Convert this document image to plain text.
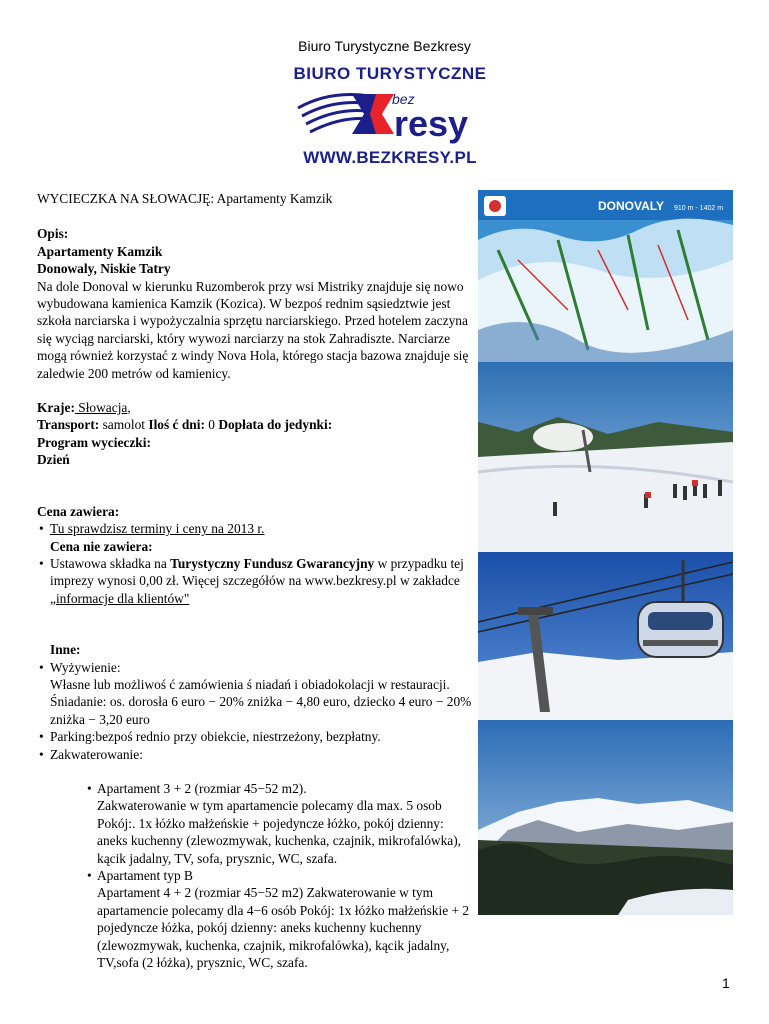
Biuro Turystyczne Bezkresy
BIURO TURYSTYCZNE
bez
resy
WWW.BEZKRESY.PL
DONOVALY 910 m - 1402 m

WYCIECZKA NA SŁOWACJĘ: Apartamenty Kamzik

Opis:

Apartamenty Kamzik

Donowaly, Niskie Tatry

Na dole Donoval w kierunku Ruzomberok przy wsi Mistriky znajduje się nowo wybudowana kamienica Kamzik (Kozica). W bezpoś rednim sąsiedztwie jest szkoła narciarska i wypożyczalnia sprzętu narciarskiego. Przed hotelem zaczyna się wyciąg narciarski, który wywozi narciarzy na stok Zahradiszte. Narciarze mogą również korzystać z windy Nova Hola, którego stacja bazowa znajduje się zaledwie 200 metrów od kamienicy.

Kraje: Słowacja,

Transport: samolot Iloś ć dni: 0 Dopłata do jedynki:

Program wycieczki:

Dzień

Cena zawiera:

• Tu sprawdzisz terminy i ceny na 2013 r.

Cena nie zawiera:

• Ustawowa składka na Turystyczny Fundusz Gwarancyjny w przypadku tej imprezy wynosi 0,00 zł. Więcej szczegółów na www.bezkresy.pl w zakładce „informacje dla klientów"

Inne:

• Wyżywienie:

Własne lub możliwoś ć zamówienia ś niadań i obiadokolacji w restauracji. Śniadanie: os. dorosła 6 euro − 20% zniżka − 4,80 euro, dziecko 4 euro − 20% zniżka − 3,20 euro

• Parking:bezpoś rednio przy obiekcie, niestrzeżony, bezpłatny.

• Zakwaterowanie:

• Apartament 3 + 2 (rozmiar 45−52 m2).

Zakwaterowanie w tym apartamencie polecamy dla max. 5 osob Pokój:. 1x łóżko małżeńskie + pojedyncze łóżko, pokój dzienny: aneks kuchenny (zlewozmywak, kuchenka, czajnik, mikrofalówka), kącik jadalny, TV, sofa, prysznic, WC, szafa.

• Apartament typ B

Apartament 4 + 2 (rozmiar 45−52 m2) Zakwaterowanie w tym apartamencie polecamy dla 4−6 osób Pokój: 1x łóżko małżeńskie + 2 pojedyncze łóżka, pokój dzienny: aneks kuchenny kuchenny (zlewozmywak, kuchenka, czajnik, mikrofalówka), kącik jadalny, TV,sofa (2 łóżka), prysznic, WC, szafa.

1
